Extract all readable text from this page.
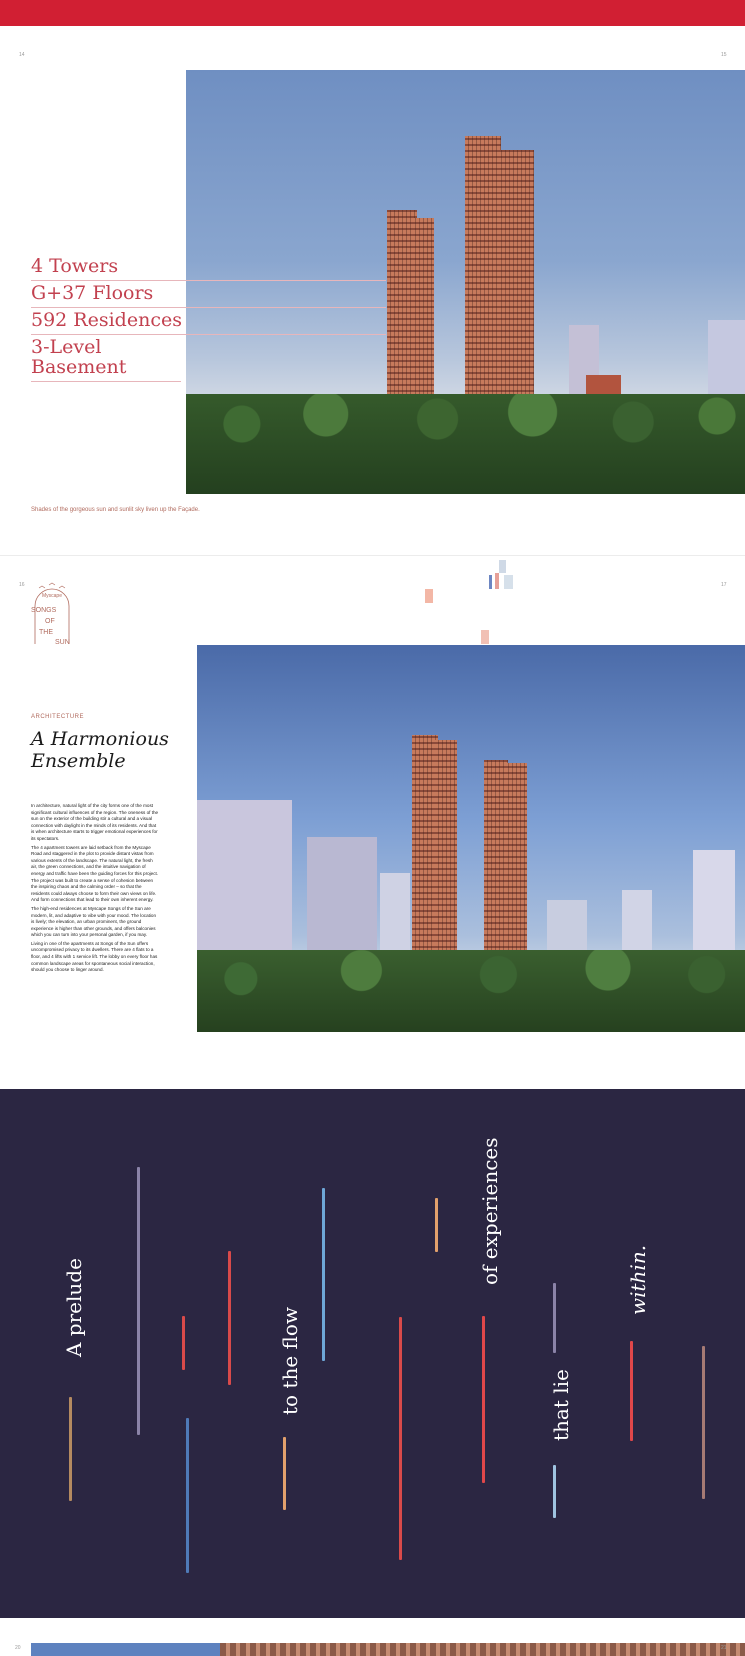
14	15
4 Towers
G+37 Floors
592 Residences
3-Level Basement
Shades of the gorgeous sun and sunlit sky liven up the Façade.
16	17
Myscape
SONGS
OF
THE
SUN
ARCHITECTURE
A Harmonious
Ensemble

In architecture, natural light of the city forms one of the most significant cultural influences of the region. The oneness of the sun on the exterior of the building stir a cultural and a visual connection with daylight in the minds of its residents. And that is when architecture starts to trigger emotional experiences for its spectators.

The 4 apartment towers are laid setback from the Myscape Road and staggered in the plot to provide distant vistas from various extents of the landscape. The natural light, the fresh air, the green connections, and the intuitive navigation of energy and traffic have been the guiding forces for this project. The project was built to create a sense of cohesion between the inspiring chaos and the calming order – so that the residents could always choose to form their own views on life. And form connections that lead to their own inherent energy.

The high-end residences at Myscape Songs of the Sun are modern, lit, and adaptive to vibe with your mood. The location is lively; the elevation, an urban prominent, the ground experience is higher than other grounds, and offers balconies which you can turn into your personal garden, if you may.

Living in one of the apartments at Songs of the Sun offers uncompromised privacy to its dwellers. There are 4 flats to a floor, and 4 lifts with 1 service lift. The lobby on every floor has common landscape areas for spontaneous social interaction, should you choose to linger around.

A prelude	to the flow
of experiences
that lie
within.
20	21
